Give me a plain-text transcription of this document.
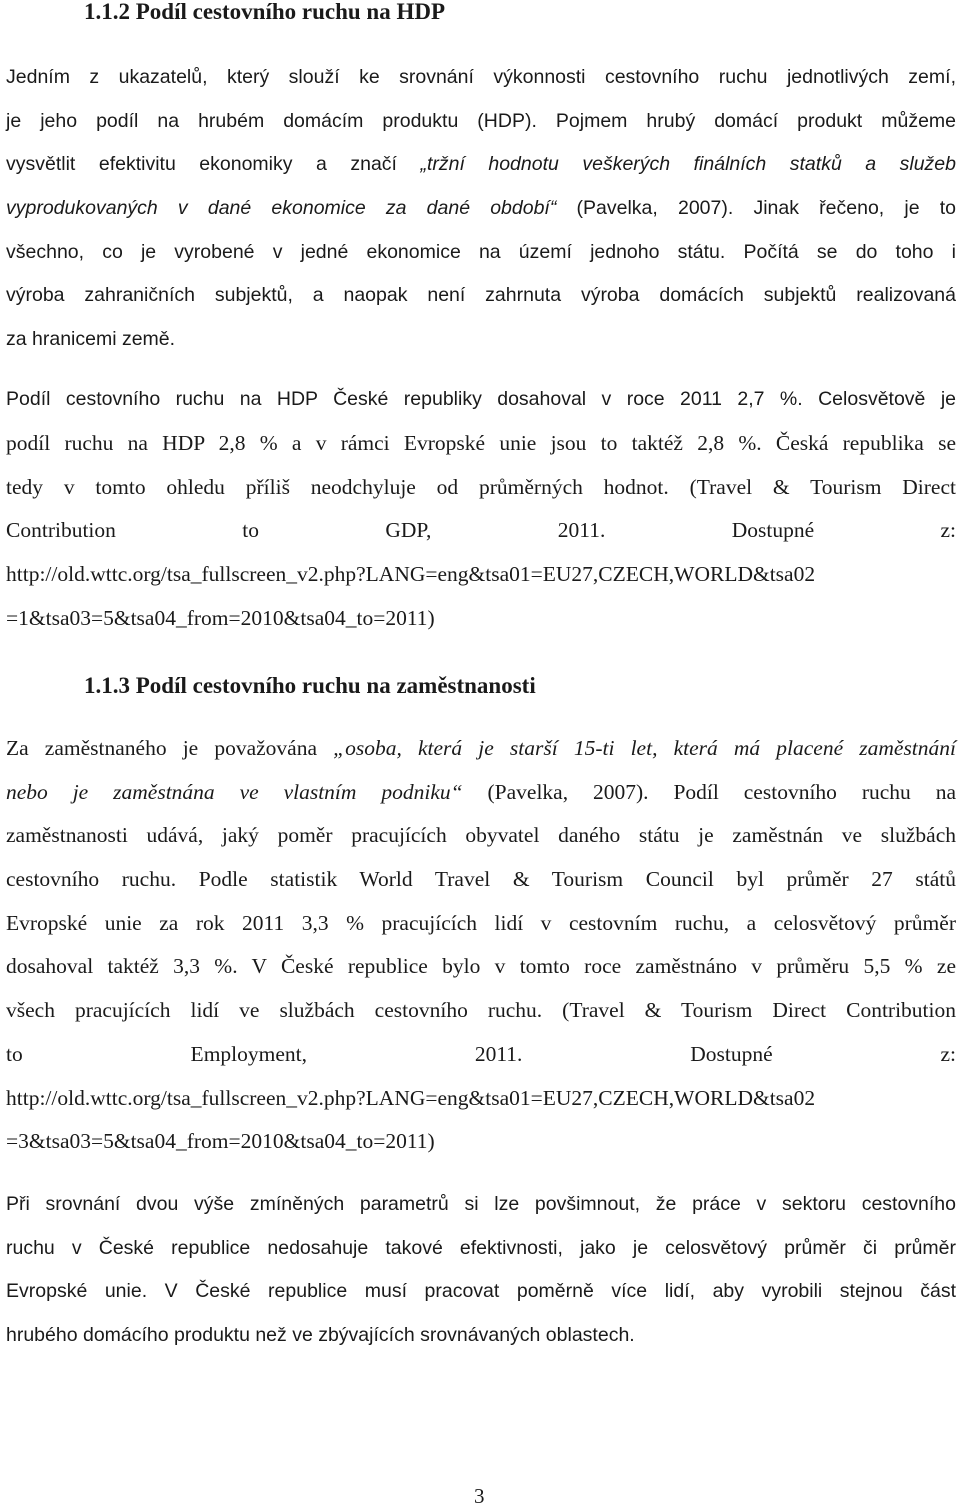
1.1.2 Podíl cestovního ruchu na HDP
Jedním z ukazatelů, který slouží ke srovnání výkonnosti cestovního ruchu jednotlivých zemí,
je jeho podíl na hrubém domácím produktu (HDP). Pojmem hrubý domácí produkt můžeme
vysvětlit efektivitu ekonomiky a značí „tržní hodnotu veškerých finálních statků a služeb
vyprodukovaných v dané ekonomice za dané období“ (Pavelka, 2007). Jinak řečeno, je to
všechno, co je vyrobené v jedné ekonomice na území jednoho státu. Počítá se do toho i
výroba zahraničních subjektů, a naopak není zahrnuta výroba domácích subjektů realizovaná
za hranicemi země.
Podíl cestovního ruchu na HDP České republiky dosahoval v roce 2011 2,7 %. Celosvětově je
podíl ruchu na HDP 2,8 % a v rámci Evropské unie jsou to taktéž 2,8 %. Česká republika se
tedy v tomto ohledu příliš neodchyluje od průměrných hodnot. (Travel & Tourism Direct
Contribution to GDP, 2011. Dostupné z:
http://old.wttc.org/tsa_fullscreen_v2.php?LANG=eng&tsa01=EU27,CZECH,WORLD&tsa02
=1&tsa03=5&tsa04_from=2010&tsa04_to=2011)
1.1.3 Podíl cestovního ruchu na zaměstnanosti
Za zaměstnaného je považována „osoba, která je starší 15-ti let, která má placené zaměstnání
nebo je zaměstnána ve vlastním podniku“ (Pavelka, 2007). Podíl cestovního ruchu na
zaměstnanosti udává, jaký poměr pracujících obyvatel daného státu je zaměstnán ve službách
cestovního ruchu. Podle statistik World Travel & Tourism Council byl průměr 27 států
Evropské unie za rok 2011 3,3 % pracujících lidí v cestovním ruchu, a celosvětový průměr
dosahoval taktéž 3,3 %. V České republice bylo v tomto roce zaměstnáno v průměru 5,5 % ze
všech pracujících lidí ve službách cestovního ruchu. (Travel & Tourism Direct Contribution
to Employment, 2011. Dostupné z:
http://old.wttc.org/tsa_fullscreen_v2.php?LANG=eng&tsa01=EU27,CZECH,WORLD&tsa02
=3&tsa03=5&tsa04_from=2010&tsa04_to=2011)
Při srovnání dvou výše zmíněných parametrů si lze povšimnout, že práce v sektoru cestovního
ruchu v České republice nedosahuje takové efektivnosti, jako je celosvětový průměr či průměr
Evropské unie. V České republice musí pracovat poměrně více lidí, aby vyrobili stejnou část
hrubého domácího produktu než ve zbývajících srovnávaných oblastech.
3
